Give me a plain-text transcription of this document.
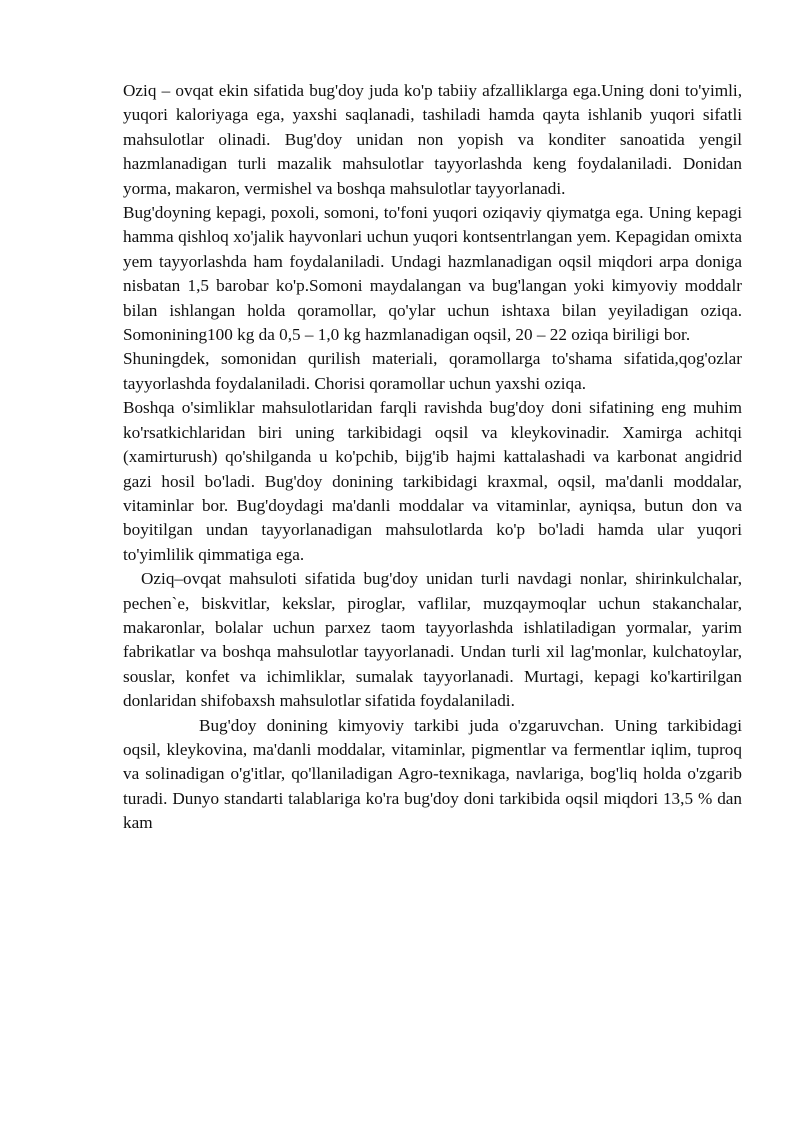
Oziq – ovqat ekin sifatida bug'doy juda ko'p tabiiy afzalliklarga ega.Uning doni to'yimli, yuqori kaloriyaga ega, yaxshi saqlanadi, tashiladi hamda qayta ishlanib yuqori sifatli mahsulotlar olinadi. Bug'doy unidan non yopish va konditer sanoatida yengil hazmlanadigan turli mazalik mahsulotlar tayyorlashda keng foydalaniladi. Donidan yorma, makaron, vermishel va boshqa mahsulotlar tayyorlanadi.

Bug'doyning kepagi, poxoli, somoni, to'foni yuqori oziqaviy qiymatga ega. Uning kepagi hamma qishloq xo'jalik hayvonlari uchun yuqori kontsentrlangan yem. Kepagidan omixta yem tayyorlashda ham foydalaniladi. Undagi hazmlanadigan oqsil miqdori arpa doniga nisbatan 1,5 barobar ko'p.Somoni maydalangan va bug'langan yoki kimyoviy moddalr bilan ishlangan holda qoramollar, qo'ylar uchun ishtaxa bilan yeyiladigan oziqa. Somonining100 kg da 0,5 – 1,0 kg hazmlanadigan oqsil, 20 – 22 oziqa biriligi bor.

Shuningdek, somonidan qurilish materiali, qoramollarga to'shama sifatida,qog'ozlar tayyorlashda foydalaniladi. Chorisi qoramollar uchun yaxshi oziqa.

Boshqa o'simliklar mahsulotlaridan farqli ravishda bug'doy doni sifatining eng muhim ko'rsatkichlaridan biri uning tarkibidagi oqsil va kleykovinadir. Xamirga achitqi (xamirturush) qo'shilganda u ko'pchib, bijg'ib hajmi kattalashadi va karbonat angidrid gazi hosil bo'ladi. Bug'doy donining tarkibidagi kraxmal, oqsil, ma'danli moddalar, vitaminlar bor. Bug'doydagi ma'danli moddalar va vitaminlar, ayniqsa, butun don va boyitilgan undan tayyorlanadigan mahsulotlarda ko'p bo'ladi hamda ular yuqori to'yimlilik qimmatiga ega.

Oziq–ovqat mahsuloti sifatida bug'doy unidan turli navdagi nonlar, shirinkulchalar, pechen`e, biskvitlar, kekslar, piroglar, vaflilar, muzqaymoqlar uchun stakanchalar, makaronlar, bolalar uchun parxez taom tayyorlashda ishlatiladigan yormalar, yarim fabrikatlar va boshqa mahsulotlar tayyorlanadi. Undan turli xil lag'monlar, kulchatoylar, souslar, konfet va ichimliklar, sumalak tayyorlanadi. Murtagi, kepagi ko'kartirilgan donlaridan shifobaxsh mahsulotlar sifatida foydalaniladi.

Bug'doy donining kimyoviy tarkibi juda o'zgaruvchan. Uning tarkibidagi oqsil, kleykovina, ma'danli moddalar, vitaminlar, pigmentlar va fermentlar iqlim, tuproq va solinadigan o'g'itlar, qo'llaniladigan Agro-texnikaga, navlariga, bog'liq holda o'zgarib turadi. Dunyo standarti talablariga ko'ra bug'doy doni tarkibida oqsil miqdori 13,5 % dan kam
